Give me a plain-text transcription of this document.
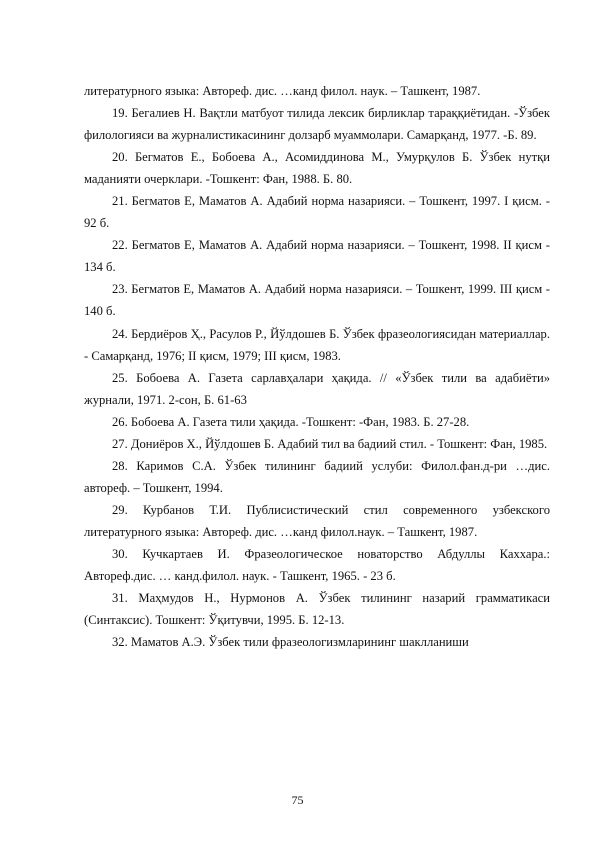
литературного языка: Автореф. дис. …канд филол. наук. – Ташкент, 1987.

19. Бегалиев Н. Вақтли матбуот тилида лексик бирликлар тараққиётидан. -Ўзбек филологияси ва журналистикасининг долзарб муаммолари. Самарқанд, 1977. -Б. 89.

20. Бегматов Е., Бобоева А., Асомиддинова М., Умурқулов Б. Ўзбек нутқи маданияти очерклари. -Тошкент: Фан, 1988. Б. 80.

21. Бегматов Е, Маматов А. Адабий норма назарияси. – Тошкент, 1997. I қисм. - 92 б.

22. Бегматов Е, Маматов А. Адабий норма назарияси. – Тошкент, 1998. II қисм - 134 б.

23. Бегматов Е, Маматов А. Адабий норма назарияси. – Тошкент, 1999. III қисм - 140 б.

24. Бердиёров Ҳ., Расулов Р., Йўлдошев Б. Ўзбек фразеологиясидан материаллар. - Самарқанд, 1976; II қисм, 1979; III қисм, 1983.

25. Бобоева А. Газета сарлавҳалари ҳақида. // «Ўзбек тили ва адабиёти» журнали, 1971. 2-сон, Б. 61-63

26. Бобоева А. Газета тили ҳақида. -Тошкент: -Фан, 1983. Б. 27-28.

27. Дониёров Х., Йўлдошев Б. Адабий тил ва бадиий стил. - Тошкент: Фан, 1985.

28. Каримов С.А. Ўзбек тилининг бадиий услуби: Филол.фан.д-ри …дис. автореф. – Тошкент, 1994.

29. Курбанов Т.И. Публисистический стил современного узбекского литературного языка: Автореф. дис. …канд филол.наук. – Ташкент, 1987.

30. Кучкартаев И. Фразеологическое новаторство Абдуллы Каххара.: Автореф.дис. … канд.филол. наук. - Ташкент, 1965. - 23 б.

31. Маҳмудов Н., Нурмонов А. Ўзбек тилининг назарий грамматикаси (Синтаксис). Тошкент: Ўқитувчи, 1995. Б. 12-13.

32. Маматов А.Э. Ўзбек тили фразеологизмларининг шаклланиши

75
